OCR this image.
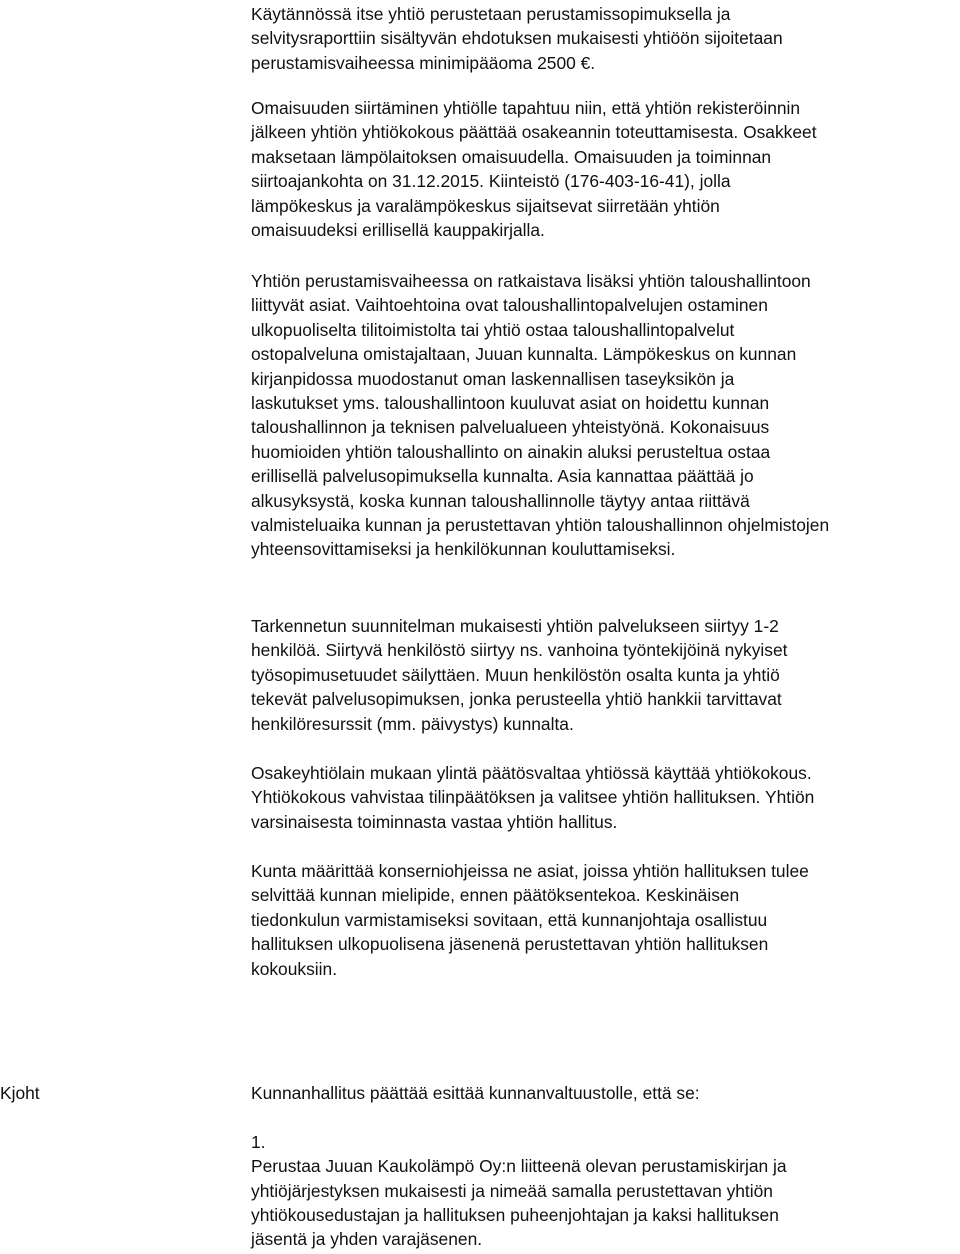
Käytännössä itse yhtiö perustetaan perustamissopimuksella ja
selvitysraporttiin sisältyvän ehdotuksen mukaisesti yhtiöön sijoitetaan
perustamisvaiheessa minimipääoma 2500 €.

Omaisuuden siirtäminen yhtiölle tapahtuu niin, että yhtiön rekisteröinnin
jälkeen yhtiön yhtiökokous päättää osakeannin toteuttamisesta. Osakkeet
maksetaan lämpölaitoksen omaisuudella. Omaisuuden ja toiminnan
siirtoajankohta on 31.12.2015. Kiinteistö (176-403-16-41), jolla
lämpökeskus ja varalämpökeskus sijaitsevat siirretään yhtiön
omaisuudeksi erillisellä kauppakirjalla.

Yhtiön perustamisvaiheessa on ratkaistava lisäksi yhtiön taloushallintoon
liittyvät asiat. Vaihtoehtoina ovat taloushallintopalvelujen ostaminen
ulkopuoliselta tilitoimistolta tai yhtiö ostaa taloushallintopalvelut
ostopalveluna omistajaltaan, Juuan kunnalta. Lämpökeskus on kunnan
kirjanpidossa muodostanut oman laskennallisen taseyksikön ja
laskutukset yms. taloushallintoon kuuluvat asiat on hoidettu kunnan
taloushallinnon ja teknisen palvelualueen yhteistyönä. Kokonaisuus
huomioiden yhtiön taloushallinto on ainakin aluksi perusteltua ostaa
erillisellä palvelusopimuksella kunnalta. Asia kannattaa päättää jo
alkusyksystä, koska kunnan taloushallinnolle täytyy antaa riittävä
valmisteluaika kunnan ja perustettavan yhtiön taloushallinnon ohjelmistojen
yhteensovittamiseksi ja henkilökunnan kouluttamiseksi.

Tarkennetun suunnitelman mukaisesti yhtiön palvelukseen siirtyy 1-2
henkilöä. Siirtyvä henkilöstö siirtyy ns. vanhoina työntekijöinä nykyiset
työsopimusetuudet säilyttäen. Muun henkilöstön osalta kunta ja yhtiö
tekevät palvelusopimuksen, jonka perusteella yhtiö hankkii tarvittavat
henkilöresurssit (mm. päivystys) kunnalta.

Osakeyhtiölain mukaan ylintä päätösvaltaa yhtiössä käyttää yhtiökokous.
Yhtiökokous vahvistaa tilinpäätöksen ja valitsee yhtiön hallituksen. Yhtiön
varsinaisesta toiminnasta vastaa yhtiön hallitus.

Kunta määrittää konserniohjeissa ne asiat, joissa yhtiön hallituksen tulee
selvittää kunnan mielipide, ennen päätöksentekoa. Keskinäisen
tiedonkulun varmistamiseksi sovitaan, että kunnanjohtaja osallistuu
hallituksen ulkopuolisena jäsenenä perustettavan yhtiön hallituksen
kokouksiin.

Kjoht	Kunnanhallitus päättää esittää kunnanvaltuustolle, että se:

1.
Perustaa Juuan Kaukolämpö Oy:n liitteenä olevan perustamiskirjan ja
yhtiöjärjestyksen mukaisesti ja nimeää samalla perustettavan yhtiön
yhtiökousedustajan ja hallituksen puheenjohtajan ja kaksi hallituksen
jäsentä ja yhden varajäsenen.
